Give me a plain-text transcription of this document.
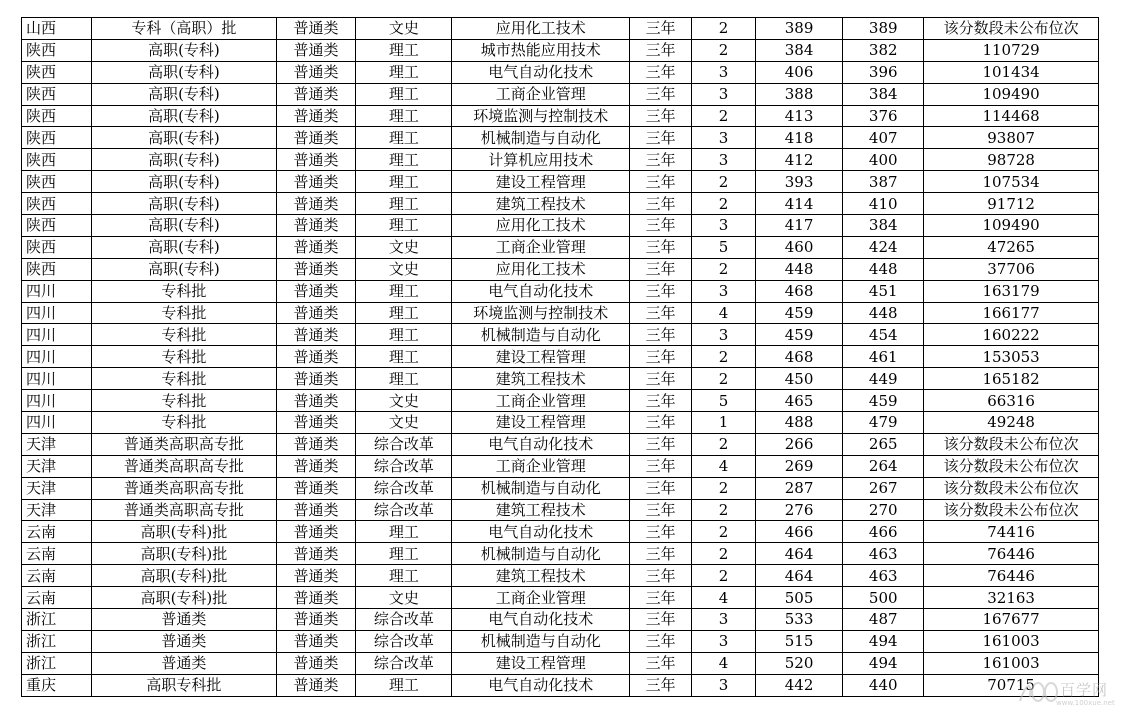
山西	专科（高职）批	普通类	文史	应用化工技术	三年	2	389	389	该分数段未公布位次
陕西	高职(专科)	普通类	理工	城市热能应用技术	三年	2	384	382	110729
陕西	高职(专科)	普通类	理工	电气自动化技术	三年	3	406	396	101434
陕西	高职(专科)	普通类	理工	工商企业管理	三年	3	388	384	109490
陕西	高职(专科)	普通类	理工	环境监测与控制技术	三年	2	413	376	114468
陕西	高职(专科)	普通类	理工	机械制造与自动化	三年	3	418	407	93807
陕西	高职(专科)	普通类	理工	计算机应用技术	三年	3	412	400	98728
陕西	高职(专科)	普通类	理工	建设工程管理	三年	2	393	387	107534
陕西	高职(专科)	普通类	理工	建筑工程技术	三年	2	414	410	91712
陕西	高职(专科)	普通类	理工	应用化工技术	三年	3	417	384	109490
陕西	高职(专科)	普通类	文史	工商企业管理	三年	5	460	424	47265
陕西	高职(专科)	普通类	文史	应用化工技术	三年	2	448	448	37706
四川	专科批	普通类	理工	电气自动化技术	三年	3	468	451	163179
四川	专科批	普通类	理工	环境监测与控制技术	三年	4	459	448	166177
四川	专科批	普通类	理工	机械制造与自动化	三年	3	459	454	160222
四川	专科批	普通类	理工	建设工程管理	三年	2	468	461	153053
四川	专科批	普通类	理工	建筑工程技术	三年	2	450	449	165182
四川	专科批	普通类	文史	工商企业管理	三年	5	465	459	66316
四川	专科批	普通类	文史	建设工程管理	三年	1	488	479	49248
天津	普通类高职高专批	普通类	综合改革	电气自动化技术	三年	2	266	265	该分数段未公布位次
天津	普通类高职高专批	普通类	综合改革	工商企业管理	三年	4	269	264	该分数段未公布位次
天津	普通类高职高专批	普通类	综合改革	机械制造与自动化	三年	2	287	267	该分数段未公布位次
天津	普通类高职高专批	普通类	综合改革	建筑工程技术	三年	2	276	270	该分数段未公布位次
云南	高职(专科)批	普通类	理工	电气自动化技术	三年	2	466	466	74416
云南	高职(专科)批	普通类	理工	机械制造与自动化	三年	2	464	463	76446
云南	高职(专科)批	普通类	理工	建筑工程技术	三年	2	464	463	76446
云南	高职(专科)批	普通类	文史	工商企业管理	三年	4	505	500	32163
浙江	普通类	普通类	综合改革	电气自动化技术	三年	3	533	487	167677
浙江	普通类	普通类	综合改革	机械制造与自动化	三年	3	515	494	161003
浙江	普通类	普通类	综合改革	建设工程管理	三年	4	520	494	161003
重庆	高职专科批	普通类	理工	电气自动化技术	三年	3	442	440	70715 百学网
www.100xue.net
